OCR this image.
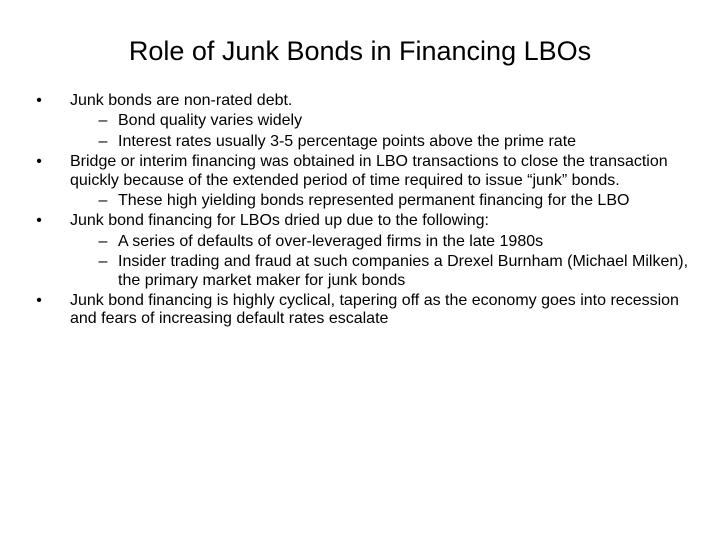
Role of Junk Bonds in Financing LBOs
• Junk bonds are non-rated debt.
– Bond quality varies widely
– Interest rates usually 3-5 percentage points above the prime rate
• Bridge or interim financing was obtained in LBO transactions to close the transaction quickly because of the extended period of time required to issue “junk” bonds.
– These high yielding bonds represented permanent financing for the LBO
• Junk bond financing for LBOs dried up due to the following:
– A series of defaults of over-leveraged firms in the late 1980s
– Insider trading and fraud at such companies a Drexel Burnham (Michael Milken), the primary market maker for junk bonds
• Junk bond financing is highly cyclical, tapering off as the economy goes into recession and fears of increasing default rates escalate
